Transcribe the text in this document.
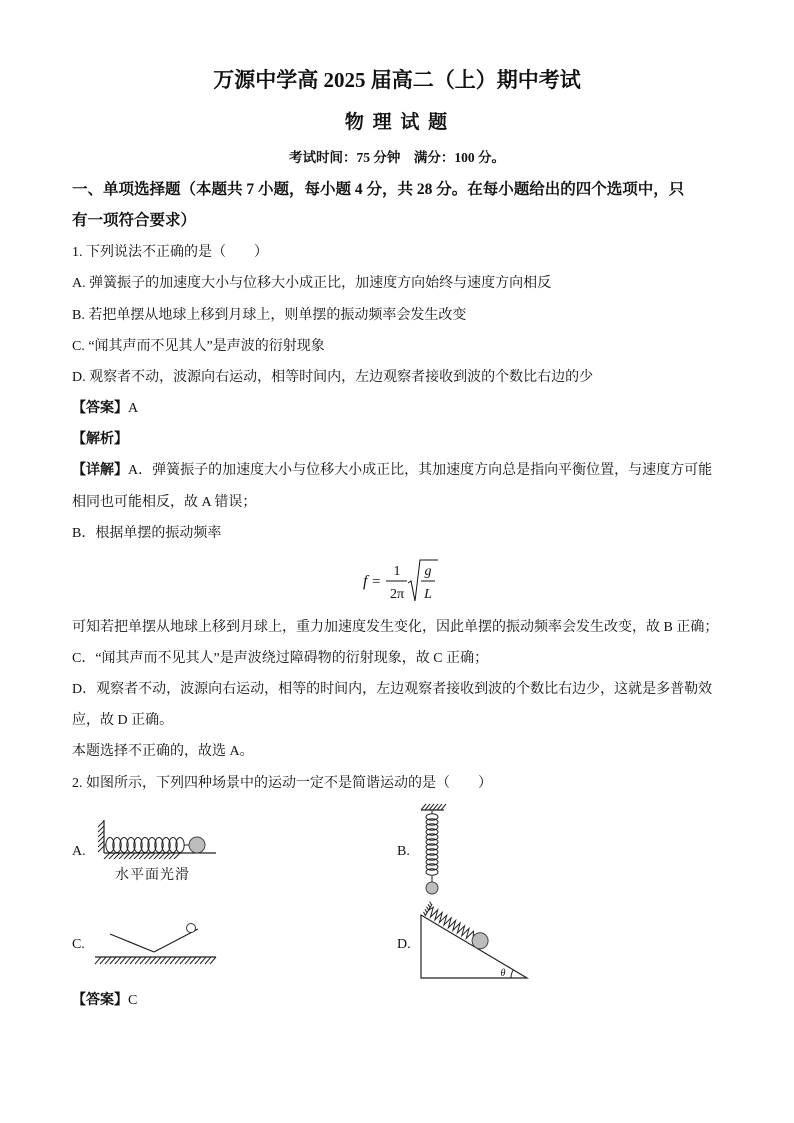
万源中学高 2025 届高二（上）期中考试
物 理 试 题
考试时间：75 分钟    满分：100 分。
一、单项选择题（本题共 7 小题，每小题 4 分，共 28 分。在每小题给出的四个选项中，只
有一项符合要求）
1. 下列说法不正确的是（　　）
A. 弹簧振子的加速度大小与位移大小成正比，加速度方向始终与速度方向相反
B. 若把单摆从地球上移到月球上，则单摆的振动频率会发生改变
C. “闻其声而不见其人”是声波的衍射现象
D. 观察者不动，波源向右运动，相等时间内，左边观察者接收到波的个数比右边的少
【答案】A
【解析】
【详解】A．弹簧振子的加速度大小与位移大小成正比，其加速度方向总是指向平衡位置，与速度方可能
相同也可能相反，故 A 错误；
B．根据单摆的振动频率
f =
1
2π
g
L
可知若把单摆从地球上移到月球上，重力加速度发生变化，因此单摆的振动频率会发生改变，故 B 正确；
C．“闻其声而不见其人”是声波绕过障碍物的衍射现象，故 C 正确；
D．观察者不动，波源向右运动，相等的时间内，左边观察者接收到波的个数比右边少，这就是多普勒效
应，故 D 正确。
本题选择不正确的，故选 A。
2. 如图所示，下列四种场景中的运动一定不是简谐运动的是（　　）
A.
水平面光滑
B.
C.	D.
θ
【答案】C
